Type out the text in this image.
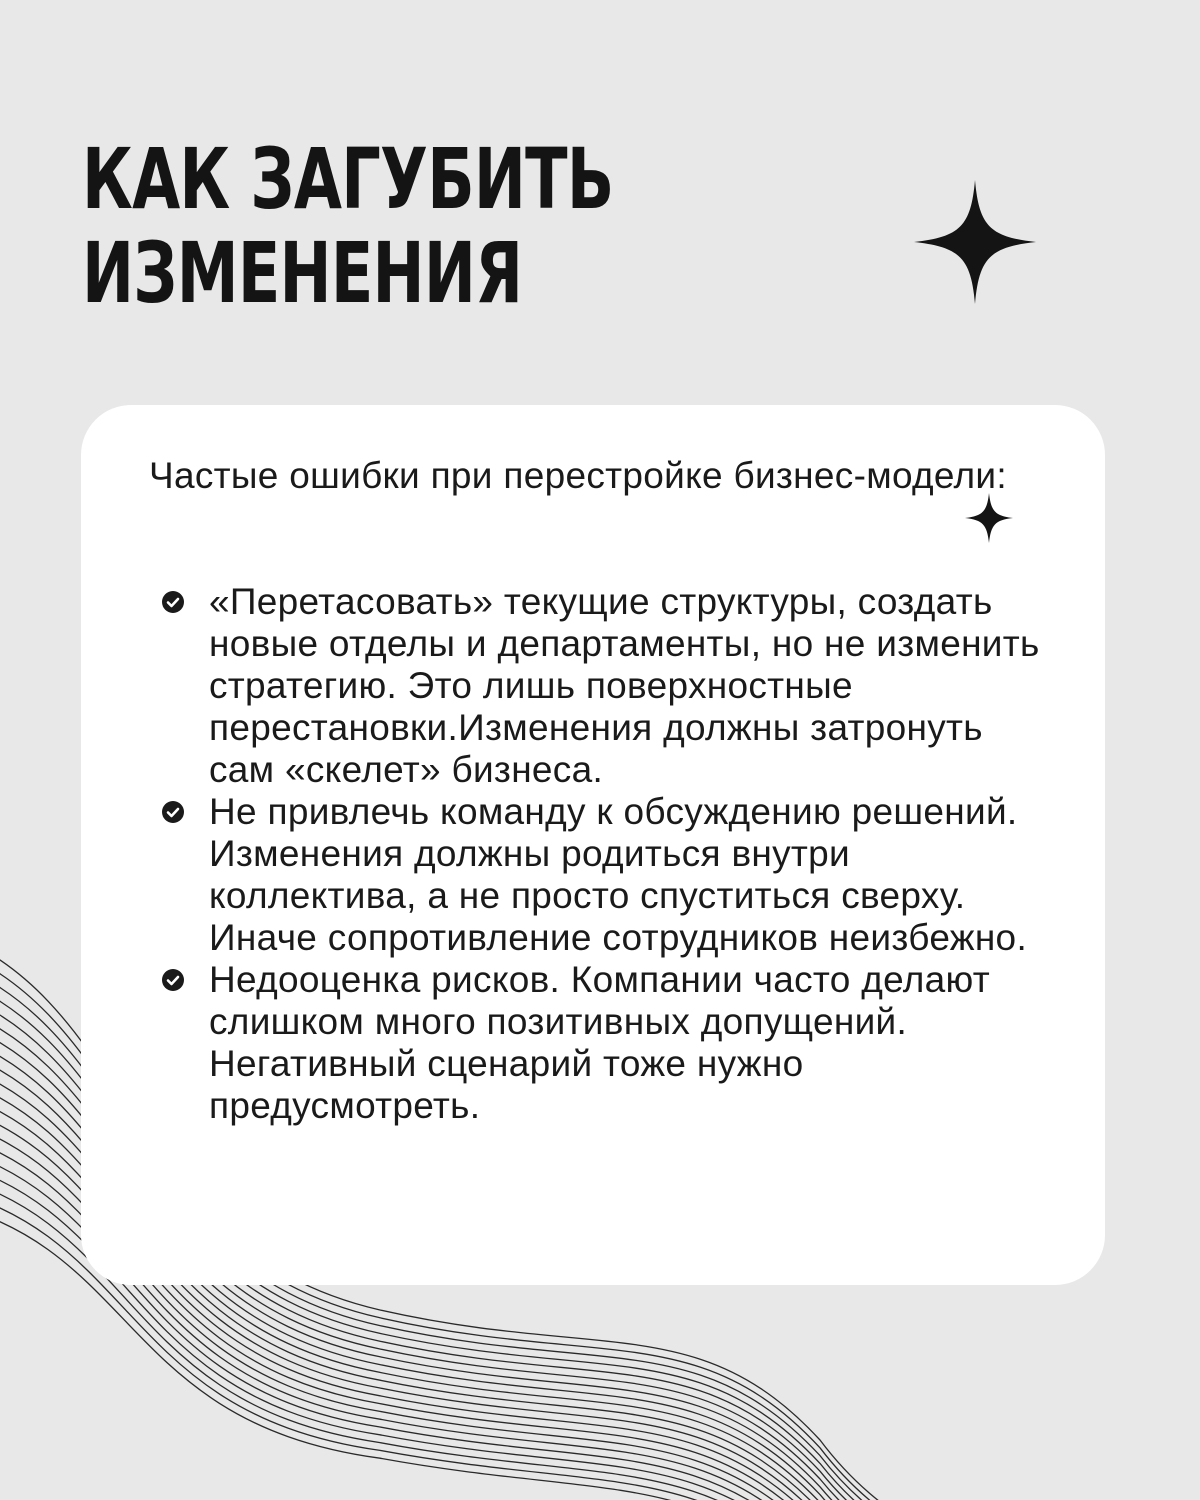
КАК ЗАГУБИТЬ ИЗМЕНЕНИЯ

Частые ошибки при перестройке бизнес-модели:

«Перетасовать» текущие структуры, создать новые отделы и департаменты, но не изменить стратегию. Это лишь поверхностные перестановки.Изменения должны затронуть сам «скелет» бизнеса.
Не привлечь команду к обсуждению решений. Изменения должны родиться внутри коллектива, а не просто спуститься сверху. Иначе сопротивление сотрудников неизбежно.
Недооценка рисков. Компании часто делают слишком много позитивных допущений. Негативный сценарий тоже нужно предусмотреть.
